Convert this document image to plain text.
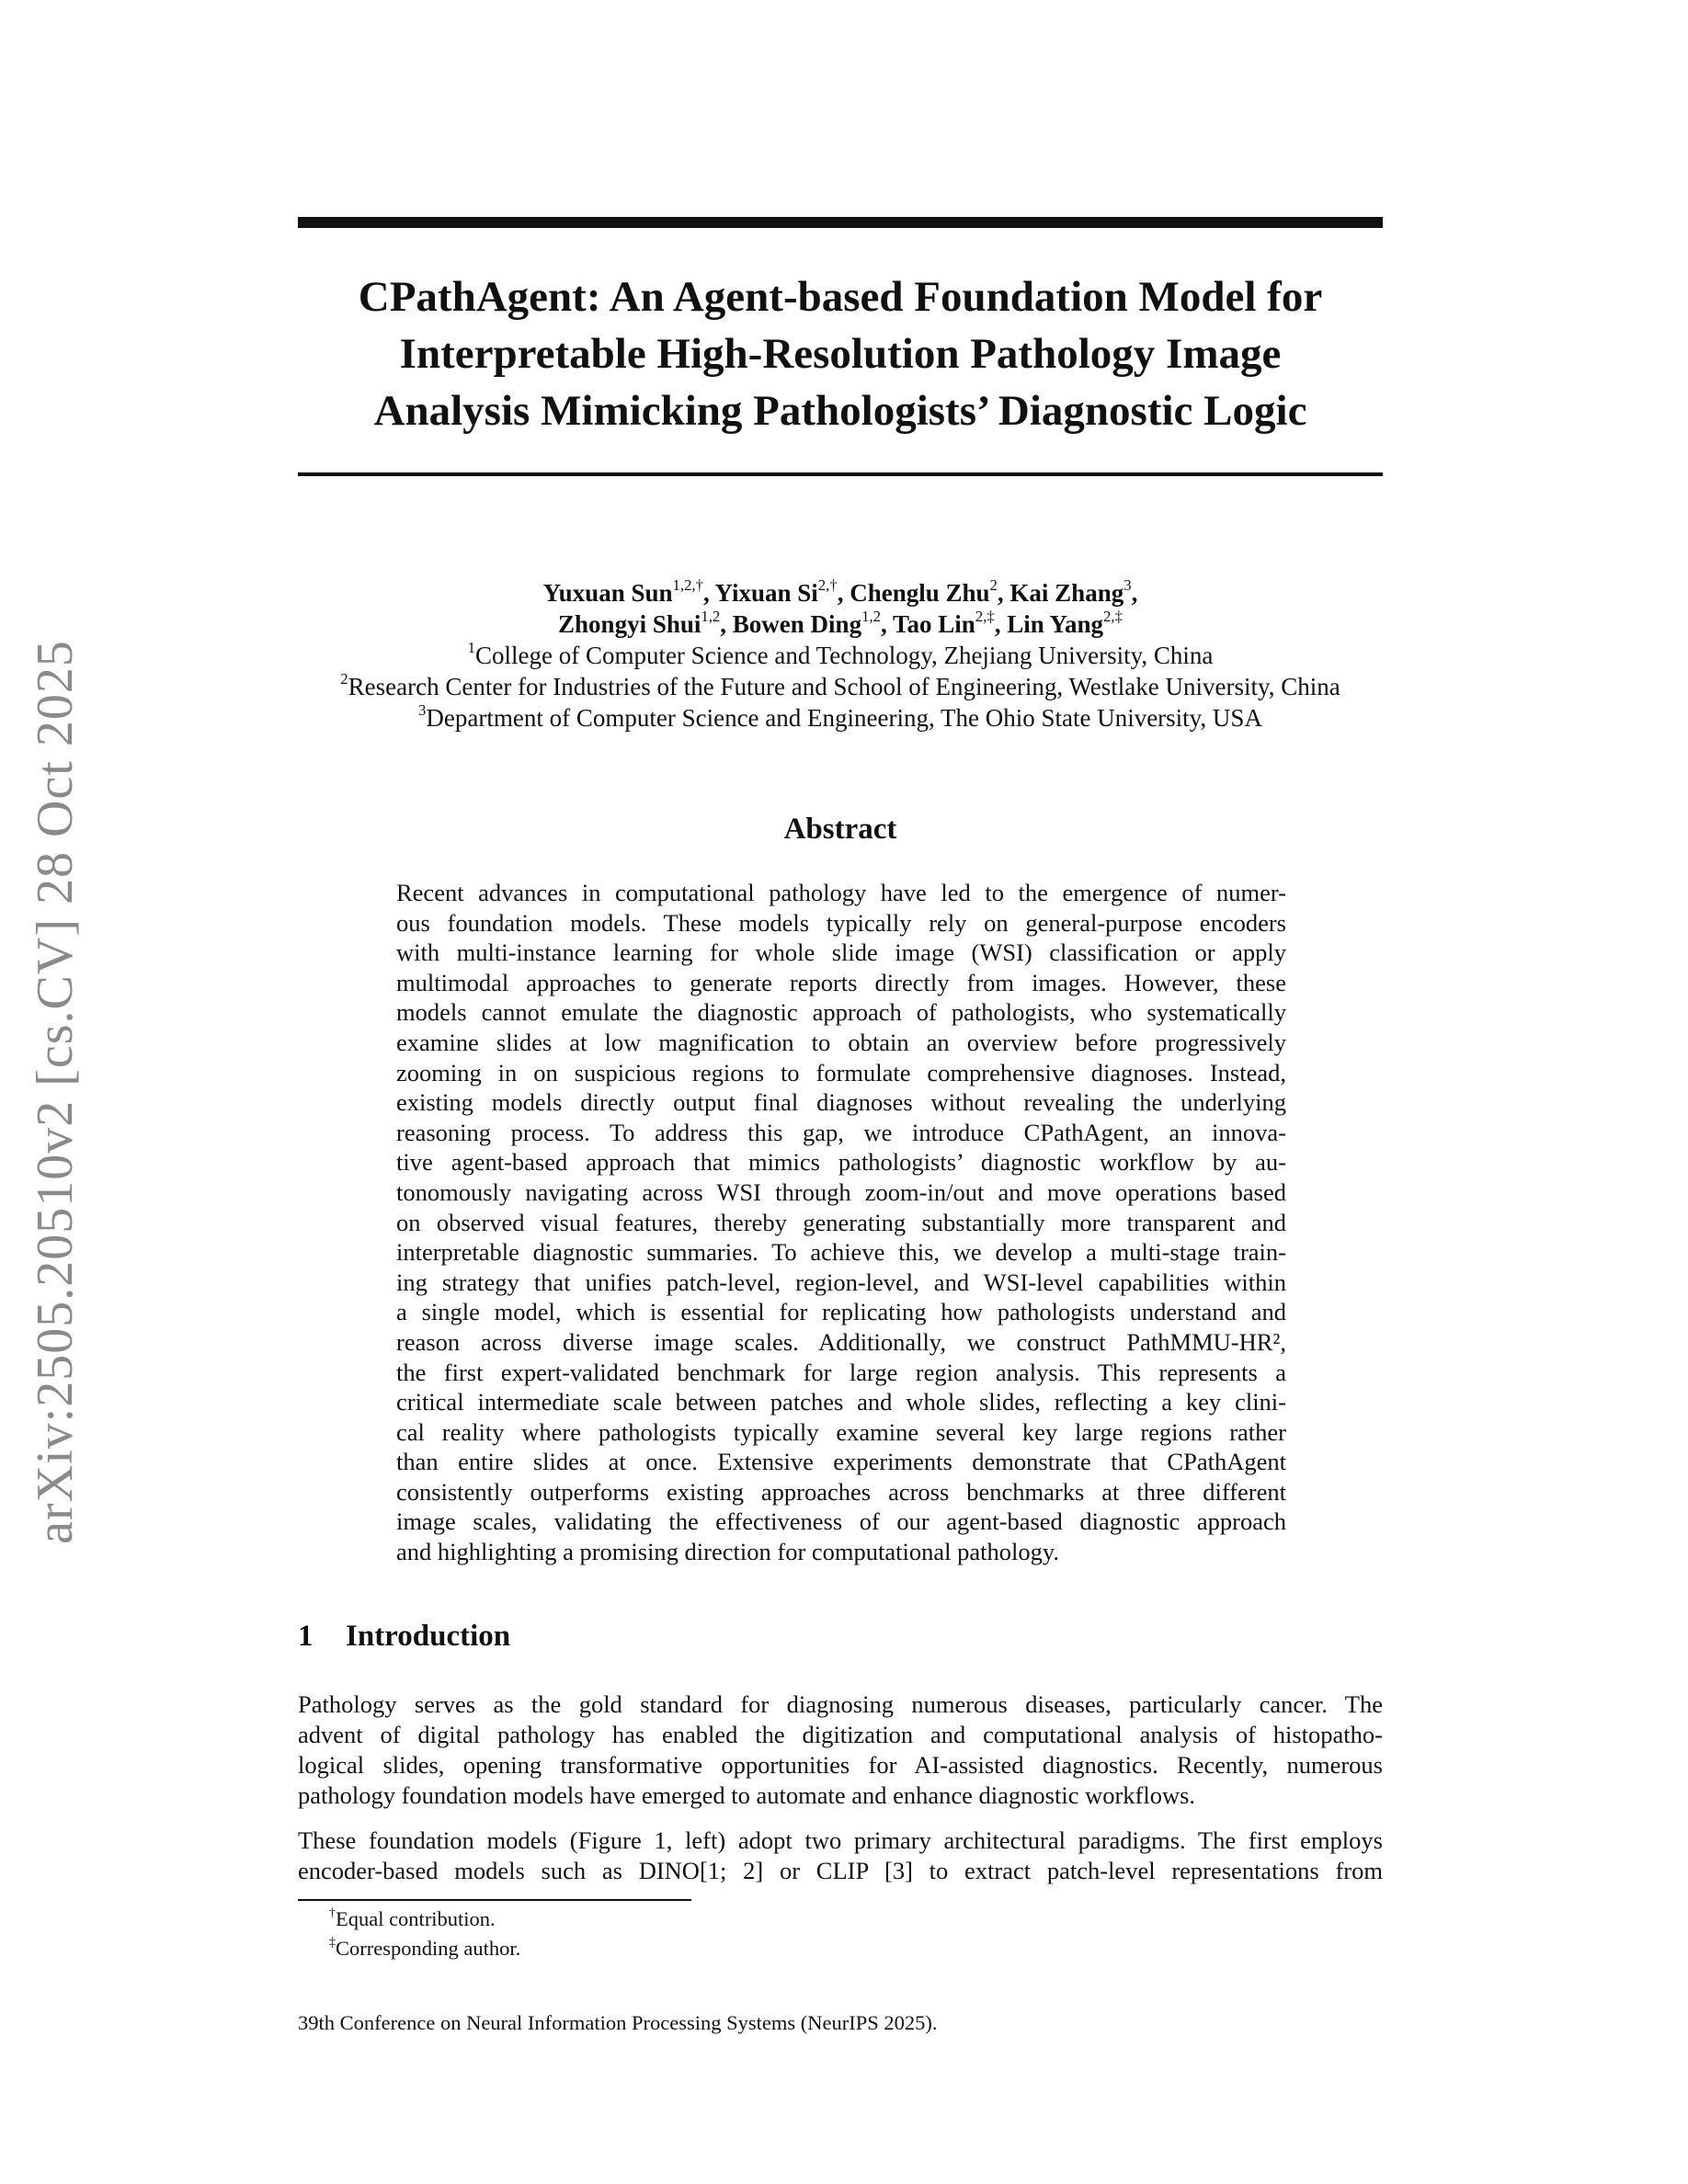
arXiv:2505.20510v2 [cs.CV] 28 Oct 2025
CPathAgent: An Agent-based Foundation Model for
Interpretable High-Resolution Pathology Image
Analysis Mimicking Pathologists’ Diagnostic Logic
Yuxuan Sun$^{1,2,\dagger}$, Yixuan $Si^{2,\dagger}$, Chenglu Zhu$^2$, Kai Zhang$^3$,
Zhongyi Shui$^{1,2}$, Bowen Ding$^{1,2}$, Tao Lin$^{2,\ddagger}$, Lin Yang$^{2,\ddagger}$
$^1$College of Computer Science and Technology, Zhejiang University, China
$^2$Research Center for Industries of the Future and School of Engineering, Westlake University, China
$^3$Department of Computer Science and Engineering, The Ohio State University, USA
Abstract
Recent advances in computational pathology have led to the emergence of numer-
ous foundation models. These models typically rely on general-purpose encoders
with multi-instance learning for whole slide image (WSI) classification or apply
multimodal approaches to generate reports directly from images. However, these
models cannot emulate the diagnostic approach of pathologists, who systematically
examine slides at low magnification to obtain an overview before progressively
zooming in on suspicious regions to formulate comprehensive diagnoses. Instead,
existing models directly output final diagnoses without revealing the underlying
reasoning process. To address this gap, we introduce CPathAgent, an innova-
tive agent-based approach that mimics pathologists’ diagnostic workflow by au-
tonomously navigating across WSI through zoom-in/out and move operations based
on observed visual features, thereby generating substantially more transparent and
interpretable diagnostic summaries. To achieve this, we develop a multi-stage train-
ing strategy that unifies patch-level, region-level, and WSI-level capabilities within
a single model, which is essential for replicating how pathologists understand and
reason across diverse image scales. Additionally, we construct PathMMU-HR²,
the first expert-validated benchmark for large region analysis. This represents a
critical intermediate scale between patches and whole slides, reflecting a key clini-
cal reality where pathologists typically examine several key large regions rather
than entire slides at once. Extensive experiments demonstrate that CPathAgent
consistently outperforms existing approaches across benchmarks at three different
image scales, validating the effectiveness of our agent-based diagnostic approach
and highlighting a promising direction for computational pathology.
1 Introduction
Pathology serves as the gold standard for diagnosing numerous diseases, particularly cancer. The
advent of digital pathology has enabled the digitization and computational analysis of histopatho-
logical slides, opening transformative opportunities for AI-assisted diagnostics. Recently, numerous
pathology foundation models have emerged to automate and enhance diagnostic workflows.
These foundation models (Figure 1, left) adopt two primary architectural paradigms. The first employs
encoder-based models such as DINO[1; 2] or CLIP [3] to extract patch-level representations from
†Equal contribution.
‡Corresponding author.
39th Conference on Neural Information Processing Systems (NeurIPS 2025).
